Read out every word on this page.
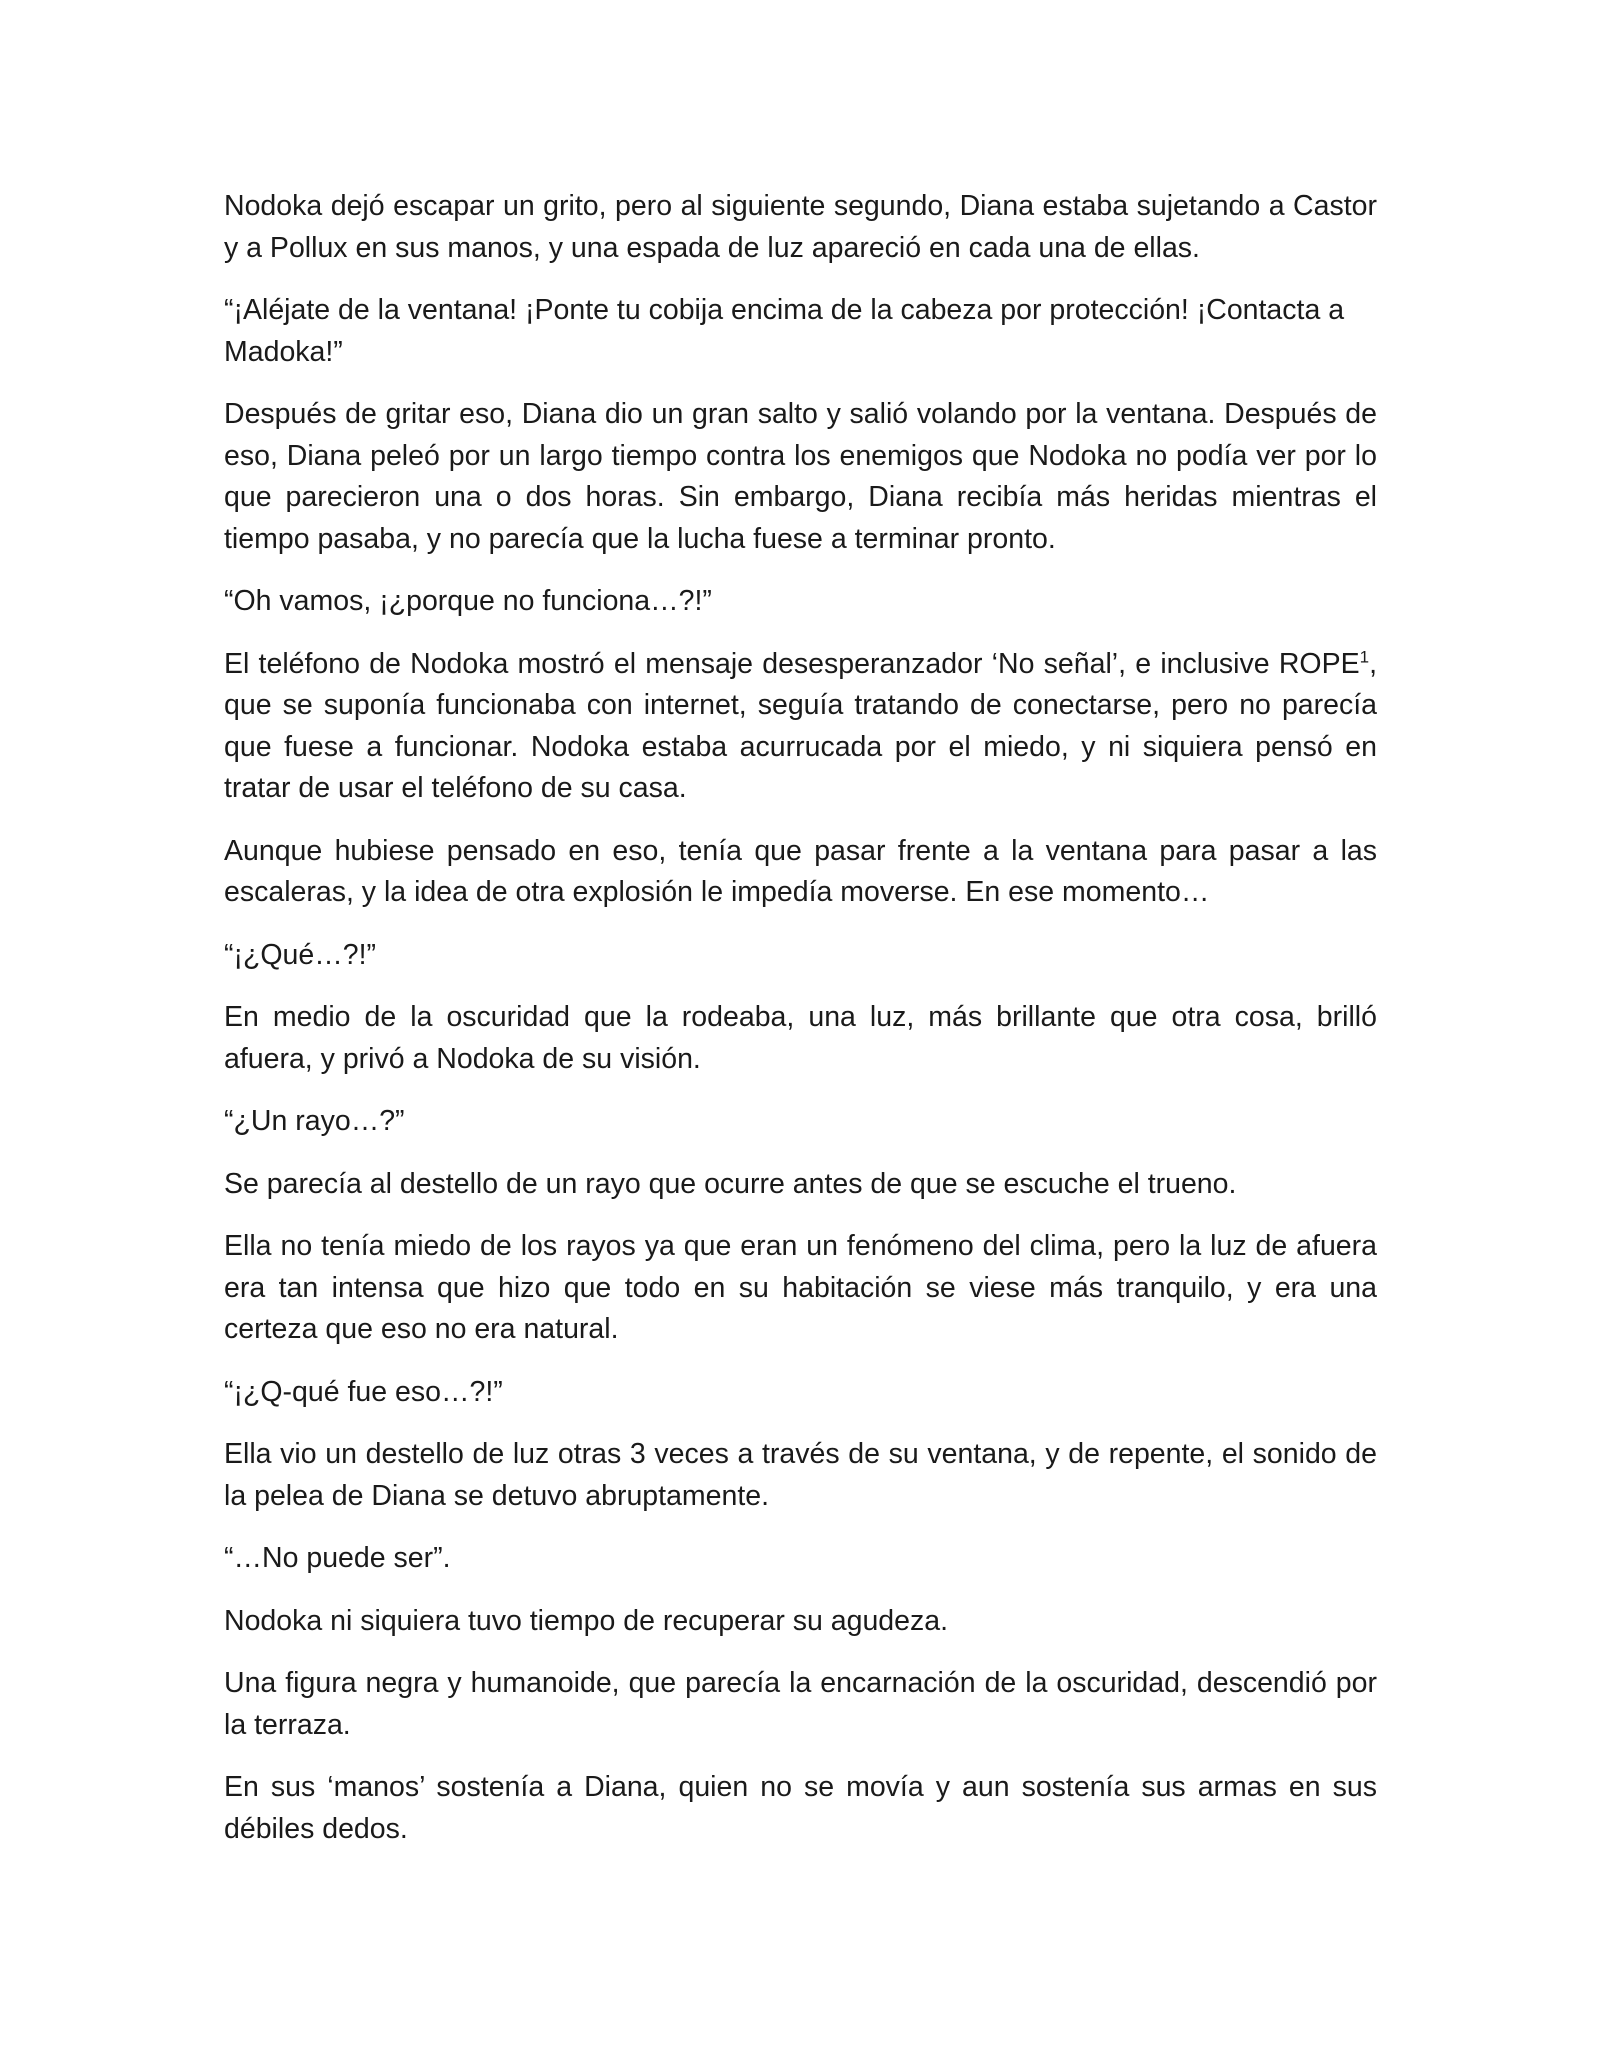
Nodoka dejó escapar un grito, pero al siguiente segundo, Diana estaba sujetando a Castor y a Pollux en sus manos, y una espada de luz apareció en cada una de ellas.

“¡Aléjate de la ventana! ¡Ponte tu cobija encima de la cabeza por protección! ¡Contacta a Madoka!”

Después de gritar eso, Diana dio un gran salto y salió volando por la ventana. Después de eso, Diana peleó por un largo tiempo contra los enemigos que Nodoka no podía ver por lo que parecieron una o dos horas. Sin embargo, Diana recibía más heridas mientras el tiempo pasaba, y no parecía que la lucha fuese a terminar pronto.

“Oh vamos, ¡¿porque no funciona…?!”

El teléfono de Nodoka mostró el mensaje desesperanzador ‘No señal’, e inclusive ROPE$^1$, que se suponía funcionaba con internet, seguía tratando de conectarse, pero no parecía que fuese a funcionar. Nodoka estaba acurrucada por el miedo, y ni siquiera pensó en tratar de usar el teléfono de su casa.

Aunque hubiese pensado en eso, tenía que pasar frente a la ventana para pasar a las escaleras, y la idea de otra explosión le impedía moverse. En ese momento…

“¡¿Qué…?!”

En medio de la oscuridad que la rodeaba, una luz, más brillante que otra cosa, brilló afuera, y privó a Nodoka de su visión.

“¿Un rayo…?”

Se parecía al destello de un rayo que ocurre antes de que se escuche el trueno.

Ella no tenía miedo de los rayos ya que eran un fenómeno del clima, pero la luz de afuera era tan intensa que hizo que todo en su habitación se viese más tranquilo, y era una certeza que eso no era natural.

“¡¿Q-qué fue eso…?!”

Ella vio un destello de luz otras 3 veces a través de su ventana, y de repente, el sonido de la pelea de Diana se detuvo abruptamente.

“…No puede ser”.

Nodoka ni siquiera tuvo tiempo de recuperar su agudeza.

Una figura negra y humanoide, que parecía la encarnación de la oscuridad, descendió por la terraza.

En sus ‘manos’ sostenía a Diana, quien no se movía y aun sostenía sus armas en sus débiles dedos.
